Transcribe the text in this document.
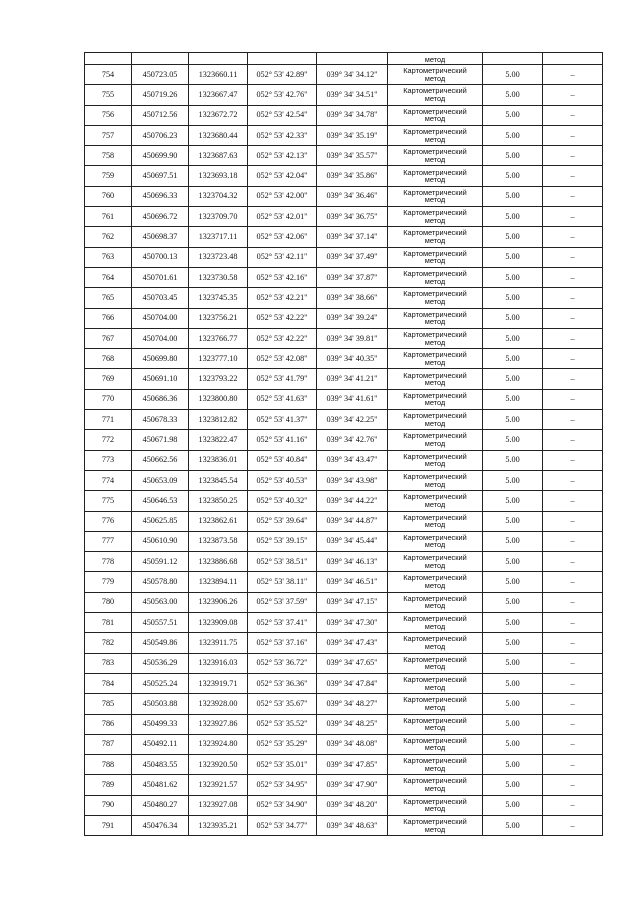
					метод		
754	450723.05	1323660.11	052° 53' 42.89"	039° 34' 34.12"	Картометрический
метод	5.00	–
755	450719.26	1323667.47	052° 53' 42.76"	039° 34' 34.51"	Картометрический
метод	5.00	–
756	450712.56	1323672.72	052° 53' 42.54"	039° 34' 34.78"	Картометрический
метод	5.00	–
757	450706.23	1323680.44	052° 53' 42.33"	039° 34' 35.19"	Картометрический
метод	5.00	–
758	450699.90	1323687.63	052° 53' 42.13"	039° 34' 35.57"	Картометрический
метод	5.00	–
759	450697.51	1323693.18	052° 53' 42.04"	039° 34' 35.86"	Картометрический
метод	5.00	–
760	450696.33	1323704.32	052° 53' 42.00"	039° 34' 36.46"	Картометрический
метод	5.00	–
761	450696.72	1323709.70	052° 53' 42.01"	039° 34' 36.75"	Картометрический
метод	5.00	–
762	450698.37	1323717.11	052° 53' 42.06"	039° 34' 37.14"	Картометрический
метод	5.00	–
763	450700.13	1323723.48	052° 53' 42.11"	039° 34' 37.49"	Картометрический
метод	5.00	–
764	450701.61	1323730.58	052° 53' 42.16"	039° 34' 37.87"	Картометрический
метод	5.00	–
765	450703.45	1323745.35	052° 53' 42.21"	039° 34' 38.66"	Картометрический
метод	5.00	–
766	450704.00	1323756.21	052° 53' 42.22"	039° 34' 39.24"	Картометрический
метод	5.00	–
767	450704.00	1323766.77	052° 53' 42.22"	039° 34' 39.81"	Картометрический
метод	5.00	–
768	450699.80	1323777.10	052° 53' 42.08"	039° 34' 40.35"	Картометрический
метод	5.00	–
769	450691.10	1323793.22	052° 53' 41.79"	039° 34' 41.21"	Картометрический
метод	5.00	–
770	450686.36	1323800.80	052° 53' 41.63"	039° 34' 41.61"	Картометрический
метод	5.00	–
771	450678.33	1323812.82	052° 53' 41.37"	039° 34' 42.25"	Картометрический
метод	5.00	–
772	450671.98	1323822.47	052° 53' 41.16"	039° 34' 42.76"	Картометрический
метод	5.00	–
773	450662.56	1323836.01	052° 53' 40.84"	039° 34' 43.47"	Картометрический
метод	5.00	–
774	450653.09	1323845.54	052° 53' 40.53"	039° 34' 43.98"	Картометрический
метод	5.00	–
775	450646.53	1323850.25	052° 53' 40.32"	039° 34' 44.22"	Картометрический
метод	5.00	–
776	450625.85	1323862.61	052° 53' 39.64"	039° 34' 44.87"	Картометрический
метод	5.00	–
777	450610.90	1323873.58	052° 53' 39.15"	039° 34' 45.44"	Картометрический
метод	5.00	–
778	450591.12	1323886.68	052° 53' 38.51"	039° 34' 46.13"	Картометрический
метод	5.00	–
779	450578.80	1323894.11	052° 53' 38.11"	039° 34' 46.51"	Картометрический
метод	5.00	–
780	450563.00	1323906.26	052° 53' 37.59"	039° 34' 47.15"	Картометрический
метод	5.00	–
781	450557.51	1323909.08	052° 53' 37.41"	039° 34' 47.30"	Картометрический
метод	5.00	–
782	450549.86	1323911.75	052° 53' 37.16"	039° 34' 47.43"	Картометрический
метод	5.00	–
783	450536.29	1323916.03	052° 53' 36.72"	039° 34' 47.65"	Картометрический
метод	5.00	–
784	450525.24	1323919.71	052° 53' 36.36"	039° 34' 47.84"	Картометрический
метод	5.00	–
785	450503.88	1323928.00	052° 53' 35.67"	039° 34' 48.27"	Картометрический
метод	5.00	–
786	450499.33	1323927.86	052° 53' 35.52"	039° 34' 48.25"	Картометрический
метод	5.00	–
787	450492.11	1323924.80	052° 53' 35.29"	039° 34' 48.08"	Картометрический
метод	5.00	–
788	450483.55	1323920.50	052° 53' 35.01"	039° 34' 47.85"	Картометрический
метод	5.00	–
789	450481.62	1323921.57	052° 53' 34.95"	039° 34' 47.90"	Картометрический
метод	5.00	–
790	450480.27	1323927.08	052° 53' 34.90"	039° 34' 48.20"	Картометрический
метод	5.00	–
791	450476.34	1323935.21	052° 53' 34.77"	039° 34' 48.63"	Картометрический
метод	5.00	–
